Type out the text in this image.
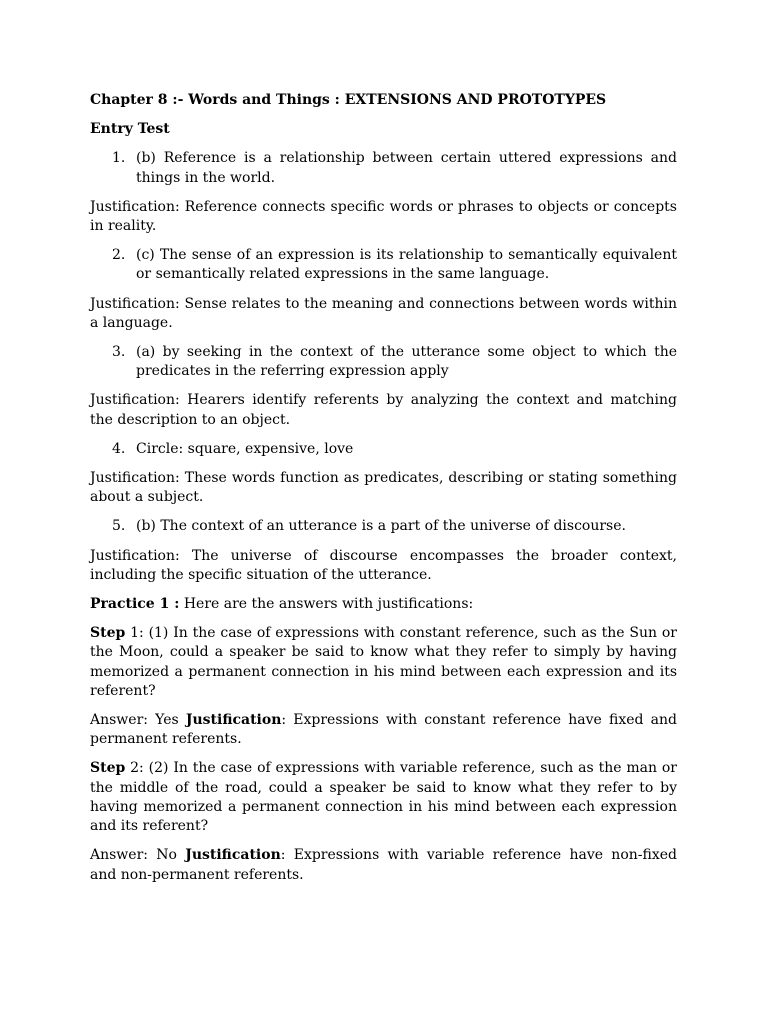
Chapter 8 :- Words and Things : EXTENSIONS AND PROTOTYPES
Entry Test
1. (b) Reference is a relationship between certain uttered expressions and things in the world.
Justification: Reference connects specific words or phrases to objects or concepts in reality.
2. (c) The sense of an expression is its relationship to semantically equivalent or semantically related expressions in the same language.
Justification: Sense relates to the meaning and connections between words within a language.
3. (a) by seeking in the context of the utterance some object to which the predicates in the referring expression apply
Justification: Hearers identify referents by analyzing the context and matching the description to an object.
4. Circle: square, expensive, love
Justification: These words function as predicates, describing or stating something about a subject.
5. (b) The context of an utterance is a part of the universe of discourse.
Justification: The universe of discourse encompasses the broader context, including the specific situation of the utterance.
Practice 1 : Here are the answers with justifications:
Step 1: (1) In the case of expressions with constant reference, such as the Sun or the Moon, could a speaker be said to know what they refer to simply by having memorized a permanent connection in his mind between each expression and its referent?
Answer: Yes Justification: Expressions with constant reference have fixed and permanent referents.
Step 2: (2) In the case of expressions with variable reference, such as the man or the middle of the road, could a speaker be said to know what they refer to by having memorized a permanent connection in his mind between each expression and its referent?
Answer: No Justification: Expressions with variable reference have non-fixed and non-permanent referents.
